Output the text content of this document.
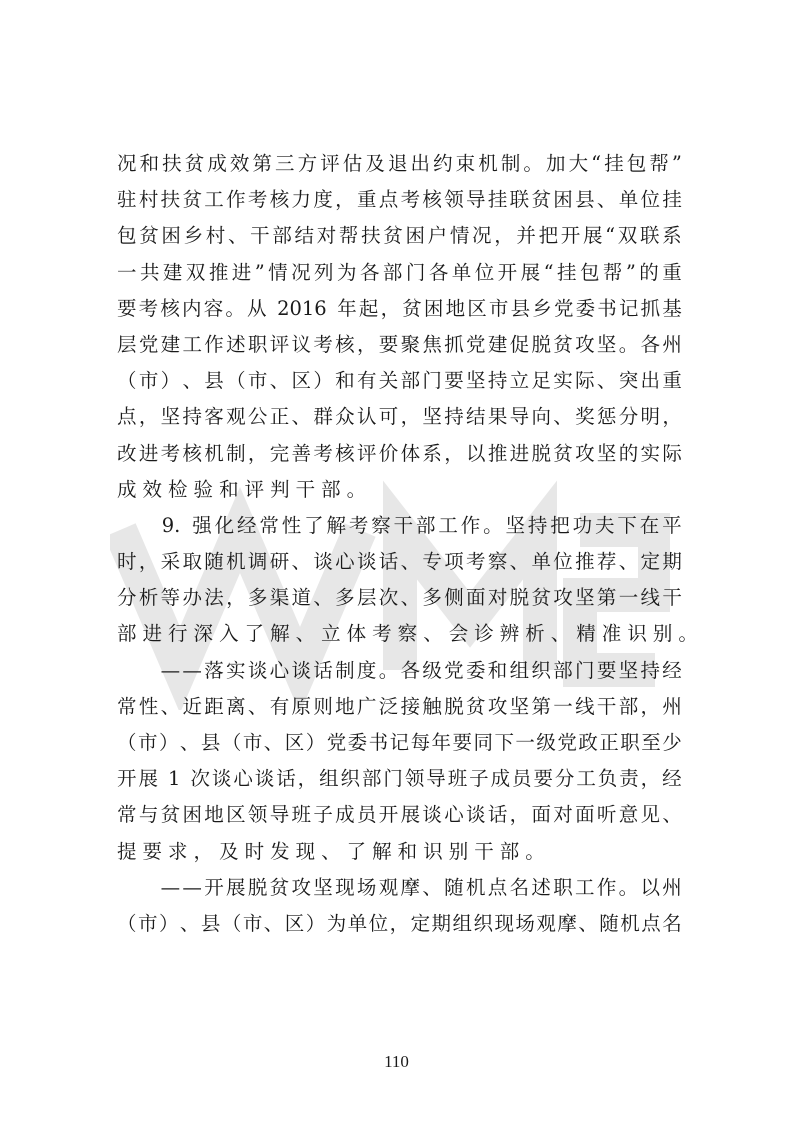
况 和 扶 贫 成 效 第 三 方 评 估 及 退 出 约 束 机 制 。 加 大 “ 挂 包 帮 ”
驻 村 扶 贫 工 作 考 核 力 度 ， 重 点 考 核 领 导 挂 联 贫 困 县 、 单 位 挂
包 贫 困 乡 村 、 干 部 结 对 帮 扶 贫 困 户 情 况 ， 并 把 开 展 “ 双 联 系
一 共 建 双 推 进 ” 情 况 列 为 各 部 门 各 单 位 开 展 “ 挂 包 帮 ” 的 重
要 考 核 内 容 。 从
2016
年 起 ， 贫 困 地 区 市 县 乡 党 委 书 记 抓 基
层 党 建 工 作 述 职 评 议 考 核 ， 要 聚 焦 抓 党 建 促 脱 贫 攻 坚 。 各 州
（ 市 ） 、 县 （ 市 、 区 ） 和 有 关 部 门 要 坚 持 立 足 实 际 、 突 出 重
点 ， 坚 持 客 观 公 正 、 群 众 认 可 ， 坚 持 结 果 导 向 、 奖 惩 分 明 ，
改 进 考 核 机 制 ， 完 善 考 核 评 价 体 系 ， 以 推 进 脱 贫 攻 坚 的 实 际
成 效 检 验 和 评 判 干 部 。

9.
强 化 经 常 性 了 解 考 察 干 部 工 作 。 坚 持 把 功 夫 下 在 平
时 ， 采 取 随 机 调 研 、 谈 心 谈 话 、 专 项 考 察 、 单 位 推 荐 、 定 期
分 析 等 办 法 ， 多 渠 道 、 多 层 次 、 多 侧 面 对 脱 贫 攻 坚 第 一 线 干
部 进 行 深 入 了 解 、 立 体 考 察 、 会 诊 辨 析 、 精 准 识 别 。

— — 落 实 谈 心 谈 话 制 度 。 各 级 党 委 和 组 织 部 门 要 坚 持 经
常 性 、 近 距 离 、 有 原 则 地 广 泛 接 触 脱 贫 攻 坚 第 一 线 干 部 ， 州
（ 市 ） 、 县 （ 市 、 区 ） 党 委 书 记 每 年 要 同 下 一 级 党 政 正 职 至 少
开 展
1
次 谈 心 谈 话 ， 组 织 部 门 领 导 班 子 成 员 要 分 工 负 责 ， 经
常 与 贫 困 地 区 领 导 班 子 成 员 开 展 谈 心 谈 话 ， 面 对 面 听 意 见 、
提 要 求 ， 及 时 发 现 、 了 解 和 识 别 干 部 。

— — 开 展 脱 贫 攻 坚 现 场 观 摩 、 随 机 点 名 述 职 工 作 。 以 州
（ 市 ） 、 县 （ 市 、 区 ） 为 单 位 ， 定 期 组 织 现 场 观 摩 、 随 机 点 名
110
